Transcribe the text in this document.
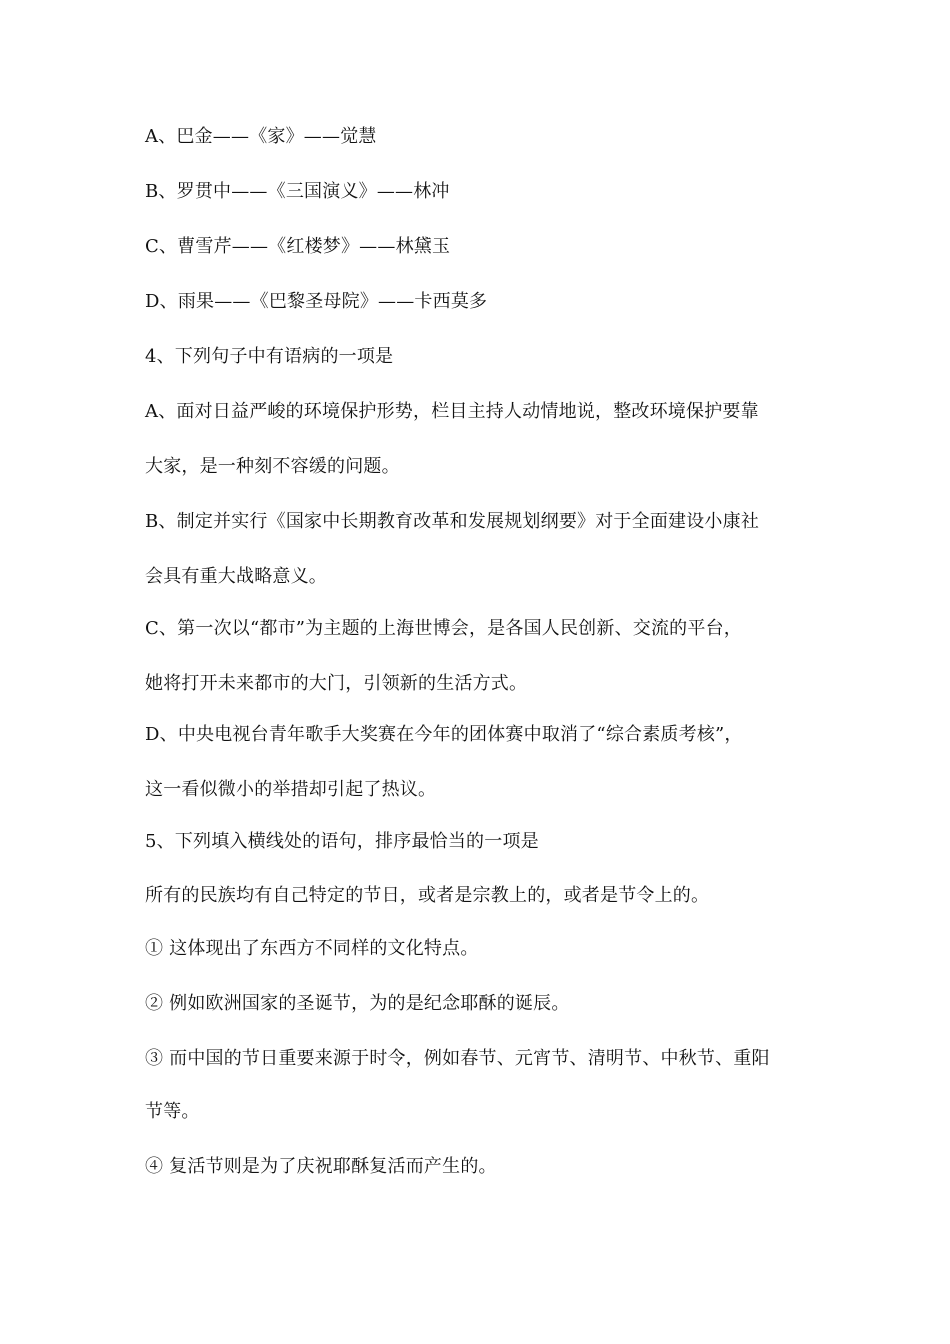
A、巴金——《家》——觉慧
B、罗贯中——《三国演义》——林冲
C、曹雪芹——《红楼梦》——林黛玉
D、雨果——《巴黎圣母院》——卡西莫多
4、下列句子中有语病的一项是
A、面对日益严峻的环境保护形势，栏目主持人动情地说，整改环境保护要靠
大家，是一种刻不容缓的问题。
B、制定并实行《国家中长期教育改革和发展规划纲要》对于全面建设小康社
会具有重大战略意义。
C、第一次以“都市”为主题的上海世博会，是各国人民创新、交流的平台，
她将打开未来都市的大门，引领新的生活方式。
D、中央电视台青年歌手大奖赛在今年的团体赛中取消了“综合素质考核”，
这一看似微小的举措却引起了热议。
5、下列填入横线处的语句，排序最恰当的一项是
所有的民族均有自己特定的节日，或者是宗教上的，或者是节令上的。
① 这体现出了东西方不同样的文化特点。
② 例如欧洲国家的圣诞节，为的是纪念耶酥的诞辰。
③ 而中国的节日重要来源于时令，例如春节、元宵节、清明节、中秋节、重阳
节等。
④ 复活节则是为了庆祝耶酥复活而产生的。
